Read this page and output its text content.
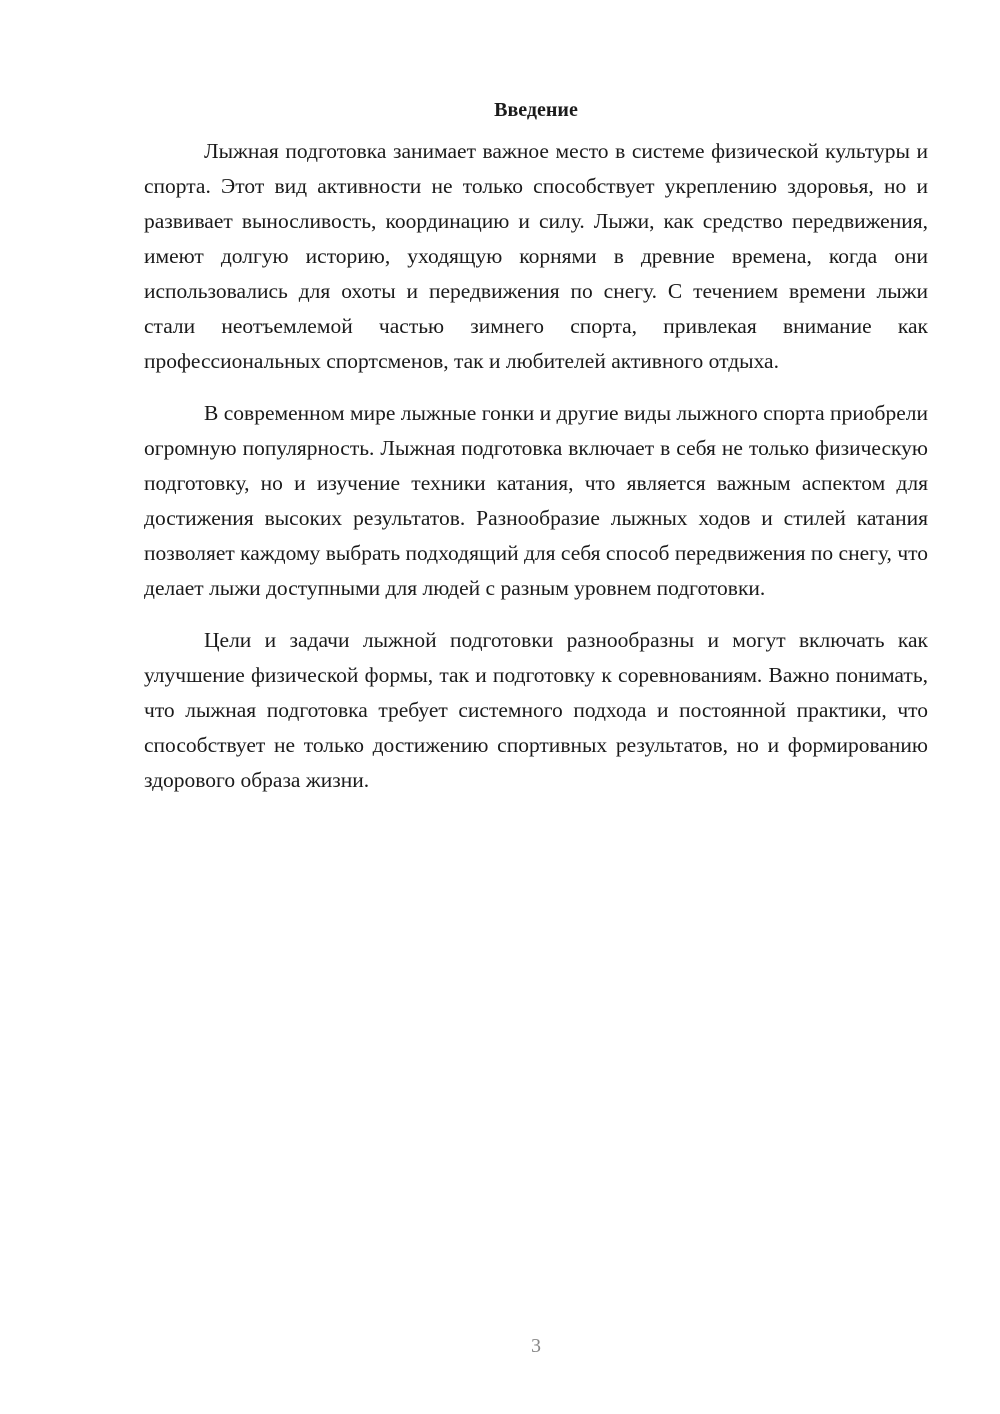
Введение

Лыжная подготовка занимает важное место в системе физической культуры и спорта. Этот вид активности не только способствует укреплению здоровья, но и развивает выносливость, координацию и силу. Лыжи, как средство передвижения, имеют долгую историю, уходящую корнями в древние времена, когда они использовались для охоты и передвижения по снегу. С течением времени лыжи стали неотъемлемой частью зимнего спорта, привлекая внимание как профессиональных спортсменов, так и любителей активного отдыха.

В современном мире лыжные гонки и другие виды лыжного спорта приобрели огромную популярность. Лыжная подготовка включает в себя не только физическую подготовку, но и изучение техники катания, что является важным аспектом для достижения высоких результатов. Разнообразие лыжных ходов и стилей катания позволяет каждому выбрать подходящий для себя способ передвижения по снегу, что делает лыжи доступными для людей с разным уровнем подготовки.

Цели и задачи лыжной подготовки разнообразны и могут включать как улучшение физической формы, так и подготовку к соревнованиям. Важно понимать, что лыжная подготовка требует системного подхода и постоянной практики, что способствует не только достижению спортивных результатов, но и формированию здорового образа жизни.

3
